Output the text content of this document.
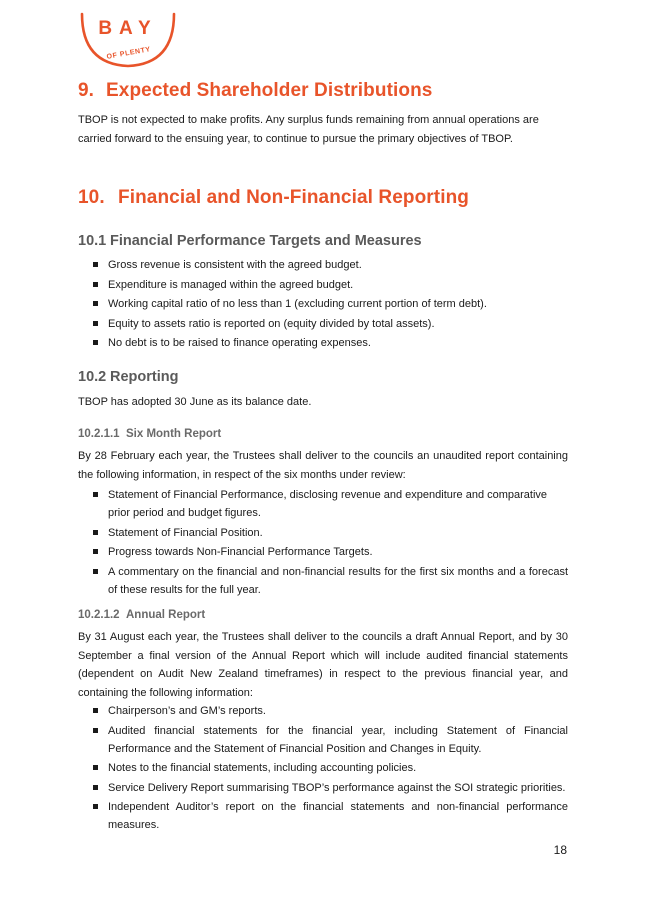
BAY
OF PLENTY
9. Expected Shareholder Distributions

TBOP is not expected to make profits. Any surplus funds remaining from annual operations are carried forward to the ensuing year, to continue to pursue the primary objectives of TBOP.

10. Financial and Non-Financial Reporting
10.1 Financial Performance Targets and Measures
Gross revenue is consistent with the agreed budget.
Expenditure is managed within the agreed budget.
Working capital ratio of no less than 1 (excluding current portion of term debt).
Equity to assets ratio is reported on (equity divided by total assets).
No debt is to be raised to finance operating expenses.
10.2 Reporting

TBOP has adopted 30 June as its balance date.

10.2.1.1 Six Month Report

By 28 February each year, the Trustees shall deliver to the councils an unaudited report containing the following information, in respect of the six months under review:

Statement of Financial Performance, disclosing revenue and expenditure and comparative prior period and budget figures.
Statement of Financial Position.
Progress towards Non-Financial Performance Targets.
A commentary on the financial and non-financial results for the first six months and a forecast of these results for the full year.
10.2.1.2 Annual Report

By 31 August each year, the Trustees shall deliver to the councils a draft Annual Report, and by 30 September a final version of the Annual Report which will include audited financial statements (dependent on Audit New Zealand timeframes) in respect to the previous financial year, and containing the following information:

Chairperson’s and GM’s reports.
Audited financial statements for the financial year, including Statement of Financial Performance and the Statement of Financial Position and Changes in Equity.
Notes to the financial statements, including accounting policies.
Service Delivery Report summarising TBOP’s performance against the SOI strategic priorities.
Independent Auditor’s report on the financial statements and non-financial performance measures.
18
